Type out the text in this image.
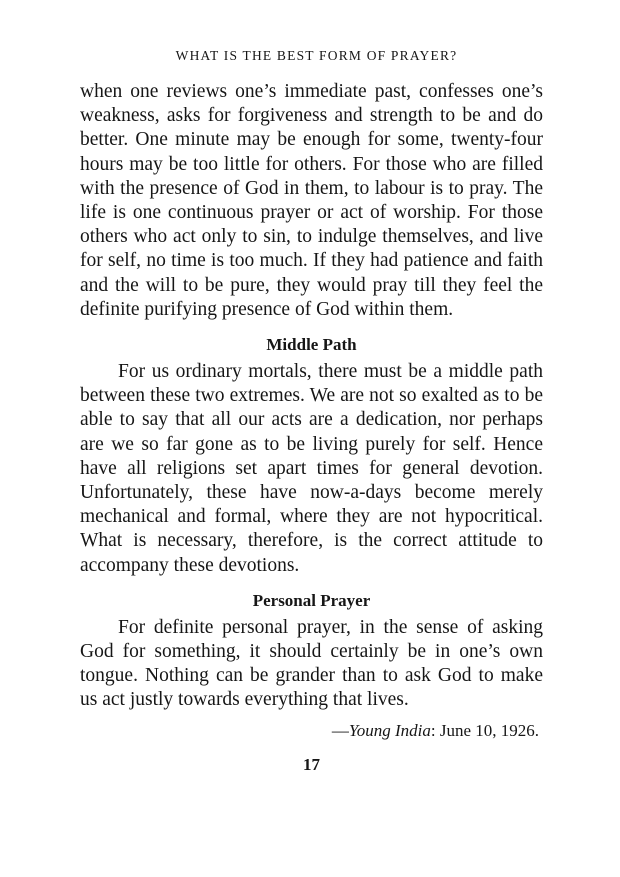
WHAT IS THE BEST FORM OF PRAYER?

when one reviews one’s immediate past, confesses one’s weakness, asks for forgiveness and strength to be and do better. One minute may be enough for some, twenty-four hours may be too little for others. For those who are filled with the presence of God in them, to labour is to pray. The life is one continuous prayer or act of worship. For those others who act only to sin, to indulge themselves, and live for self, no time is too much. If they had patience and faith and the will to be pure, they would pray till they feel the definite purifying presence of God within them.

Middle Path

For us ordinary mortals, there must be a middle path between these two extremes. We are not so exalted as to be able to say that all our acts are a dedication, nor perhaps are we so far gone as to be living purely for self. Hence have all religions set apart times for general devotion. Unfortunately, these have now-a-days become merely mechanical and formal, where they are not hypocritical. What is necessary, therefore, is the correct attitude to accompany these devotions.

Personal Prayer

For definite personal prayer, in the sense of asking God for something, it should certainly be in one’s own tongue. Nothing can be grander than to ask God to make us act justly towards everything that lives.

—Young India: June 10, 1926.
17
